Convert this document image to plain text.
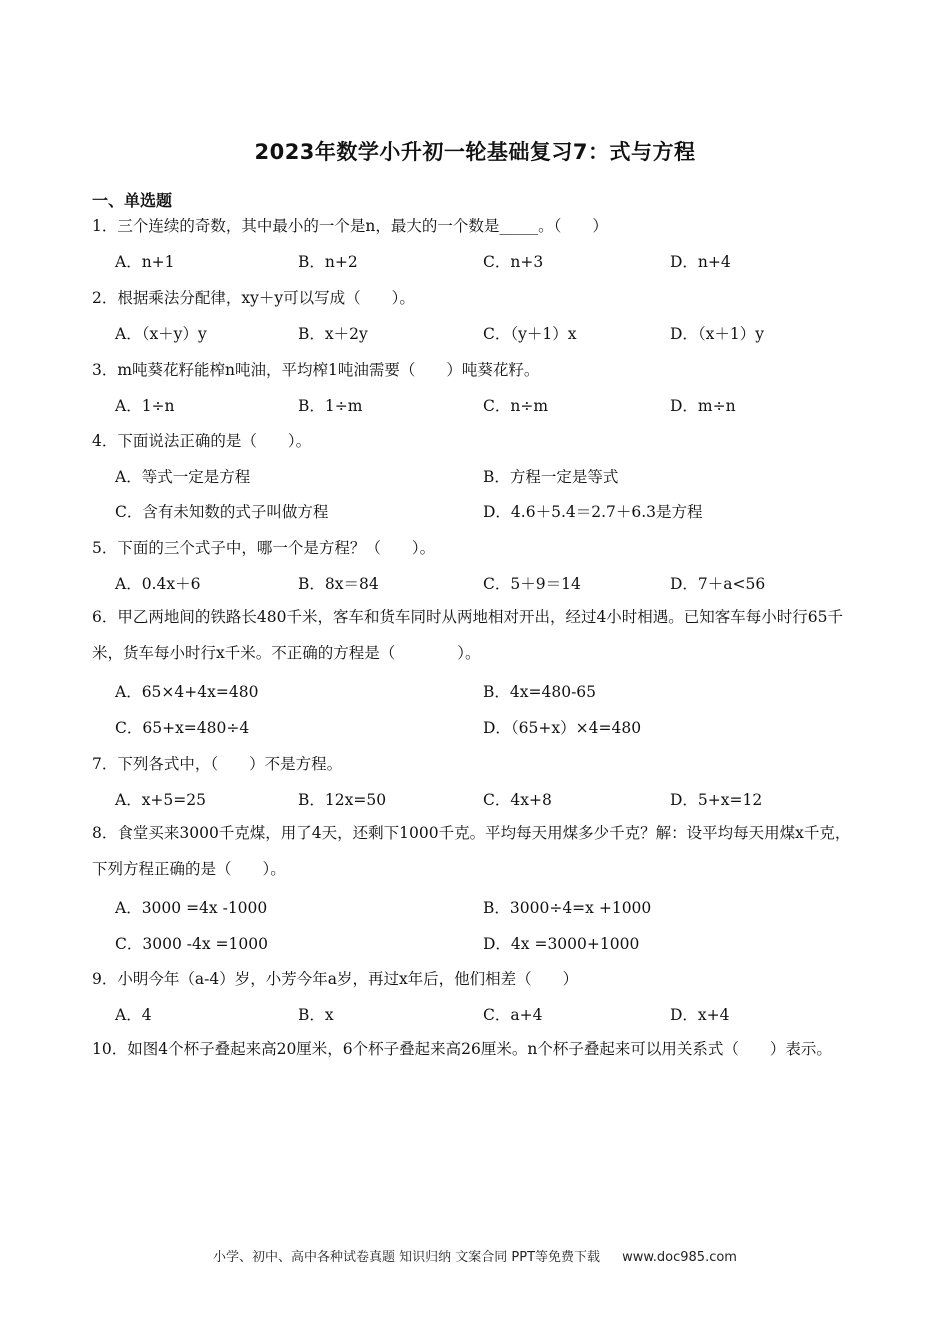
2023年数学小升初一轮基础复习7：式与方程
一、单选题
1．三个连续的奇数，其中最小的一个是n，最大的一个数是_____。（　　）
A．n+1	B．n+2	C．n+3	D．n+4
2．根据乘法分配律，xy＋y可以写成（　　）。
A．（x＋y）y	B．x＋2y	C．（y＋1）x	D．（x＋1）y
3．m吨葵花籽能榨n吨油，平均榨1吨油需要（　　）吨葵花籽。
A．1÷n	B．1÷m	C．n÷m	D．m÷n
4．下面说法正确的是（　　）。
A．等式一定是方程	B．方程一定是等式
C．含有未知数的式子叫做方程	D．4.6＋5.4＝2.7＋6.3是方程
5．下面的三个式子中，哪一个是方程？（　　）。
A．0.4x＋6	B．8x＝84	C．5＋9＝14	D．7＋a<56
6．甲乙两地间的铁路长480千米，客车和货车同时从两地相对开出，经过4小时相遇。已知客车每小时行65千米，货车每小时行x千米。不正确的方程是（　　　　）。
A．65×4+4x=480	B．4x=480-65
C．65+x=480÷4	D．（65+x）×4=480
7．下列各式中，（　　）不是方程。
A．x+5=25	B．12x=50	C．4x+8	D．5+x=12
8．食堂买来3000千克煤，用了4天，还剩下1000千克。平均每天用煤多少千克？解：设平均每天用煤x千克，下列方程正确的是（　　）。
A．3000 =4x -1000	B．3000÷4=x +1000
C．3000 -4x =1000	D．4x =3000+1000
9．小明今年（a-4）岁，小芳今年a岁，再过x年后，他们相差（　　）
A．4	B．x	C．a+4	D．x+4
10．如图4个杯子叠起来高20厘米，6个杯子叠起来高26厘米。n个杯子叠起来可以用关系式（　　）表示。
小学、初中、高中各种试卷真题 知识归纳 文案合同 PPT等免费下载 www.doc985.com
